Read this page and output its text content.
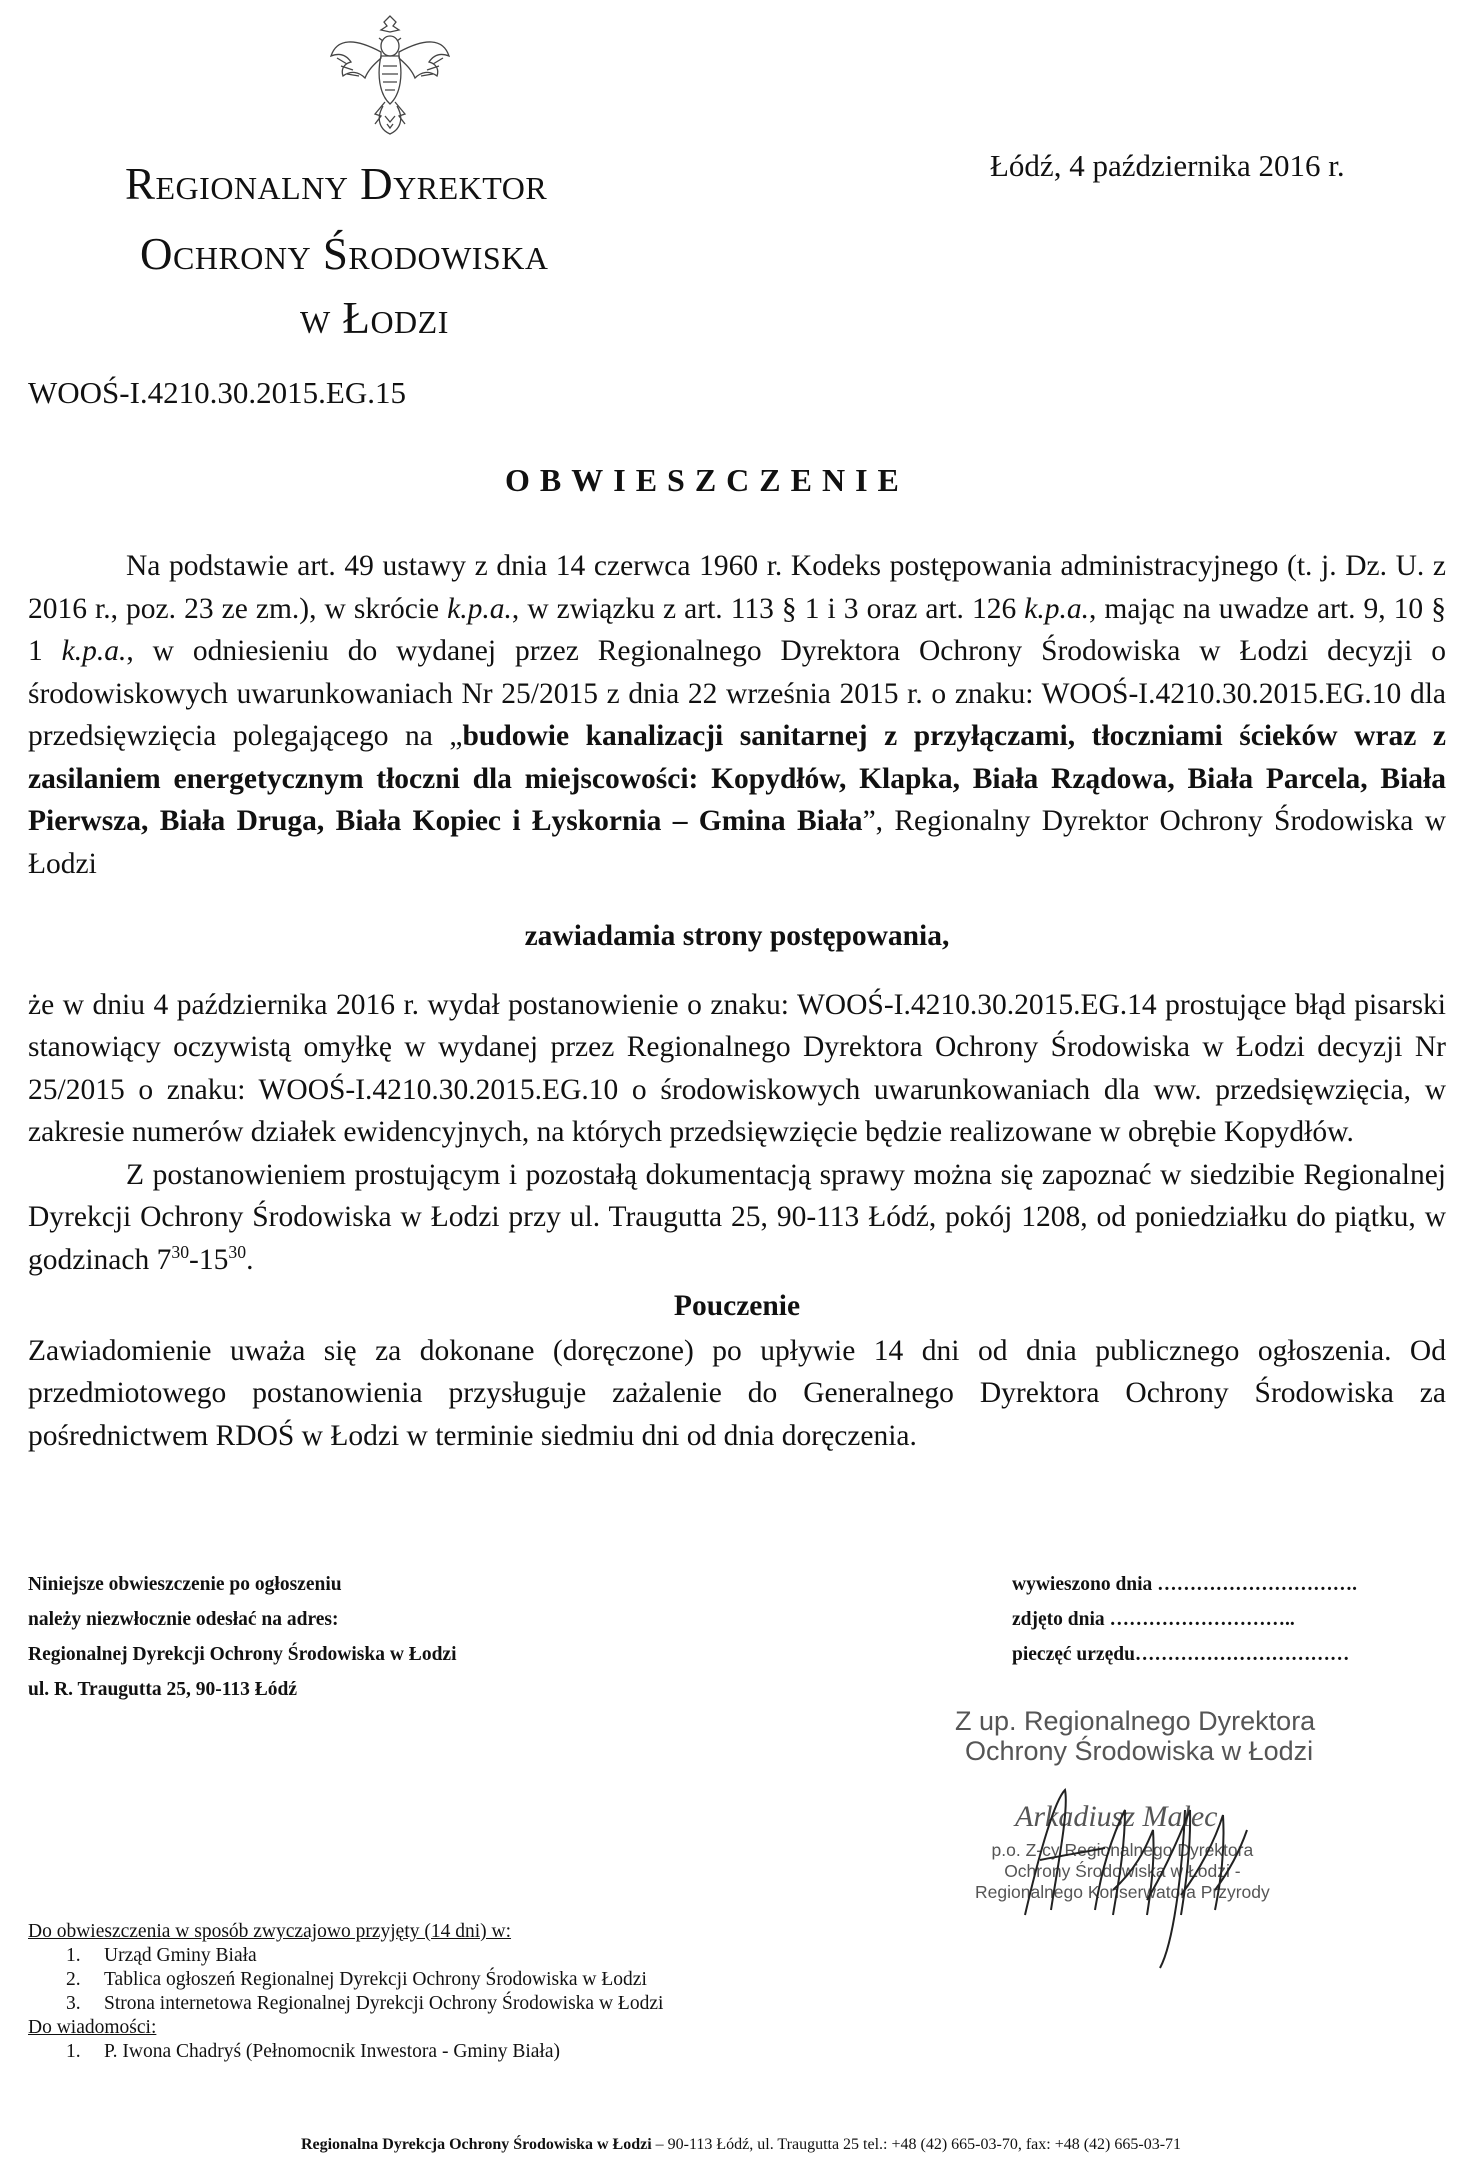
Regionalny Dyrektor
Ochrony Środowiska
w Łodzi
Łódź, 4 października 2016 r.
WOOŚ-I.4210.30.2015.EG.15
OBWIESZCZENIE

Na podstawie art. 49 ustawy z dnia 14 czerwca 1960 r. Kodeks postępowania administracyjnego (t. j. Dz. U. z 2016 r., poz. 23 ze zm.), w skrócie k.p.a., w związku z art. 113 § 1 i 3 oraz art. 126 k.p.a., mając na uwadze art. 9, 10 § 1 k.p.a., w odniesieniu do wydanej przez Regionalnego Dyrektora Ochrony Środowiska w Łodzi decyzji o środowiskowych uwarunkowaniach Nr 25/2015 z dnia 22 września 2015 r. o znaku: WOOŚ-I.4210.30.2015.EG.10 dla przedsięwzięcia polegającego na „budowie kanalizacji sanitarnej z przyłączami, tłoczniami ścieków wraz z zasilaniem energetycznym tłoczni dla miejscowości: Kopydłów, Klapka, Biała Rządowa, Biała Parcela, Biała Pierwsza, Biała Druga, Biała Kopiec i Łyskornia – Gmina Biała”, Regionalny Dyrektor Ochrony Środowiska w Łodzi

zawiadamia strony postępowania,

że w dniu 4 października 2016 r. wydał postanowienie o znaku: WOOŚ-I.4210.30.2015.EG.14 prostujące błąd pisarski stanowiący oczywistą omyłkę w wydanej przez Regionalnego Dyrektora Ochrony Środowiska w Łodzi decyzji Nr 25/2015 o znaku: WOOŚ-I.4210.30.2015.EG.10 o środowiskowych uwarunkowaniach dla ww. przedsięwzięcia, w zakresie numerów działek ewidencyjnych, na których przedsięwzięcie będzie realizowane w obrębie Kopydłów.

Z postanowieniem prostującym i pozostałą dokumentacją sprawy można się zapoznać w siedzibie Regionalnej Dyrekcji Ochrony Środowiska w Łodzi przy ul. Traugutta 25, 90-113 Łódź, pokój 1208, od poniedziałku do piątku, w godzinach $7^{30}-15^{30}$.

Pouczenie

Zawiadomienie uważa się za dokonane (doręczone) po upływie 14 dni od dnia publicznego ogłoszenia. Od przedmiotowego postanowienia przysługuje zażalenie do Generalnego Dyrektora Ochrony Środowiska za pośrednictwem RDOŚ w Łodzi w terminie siedmiu dni od dnia doręczenia.

Niniejsze obwieszczenie po ogłoszeniu
należy niezwłocznie odesłać na adres:
Regionalnej Dyrekcji Ochrony Środowiska w Łodzi
ul. R. Traugutta 25, 90-113 Łódź
wywieszono dnia ………………………….
zdjęto dnia ………………………..
pieczęć urzędu……………………………
Z up. Regionalnego Dyrektora
Ochrony Środowiska w Łodzi
Arkadiusz Malec
p.o. Z-cy Regionalnego Dyrektora
Ochrony Środowiska w Łodzi -
Regionalnego Konserwatora Przyrody
Do obwieszczenia w sposób zwyczajowo przyjęty (14 dni) w:
1.	Urząd Gminy Biała
2.	Tablica ogłoszeń Regionalnej Dyrekcji Ochrony Środowiska w Łodzi
3.	Strona internetowa Regionalnej Dyrekcji Ochrony Środowiska w Łodzi
Do wiadomości:
1.	P. Iwona Chadryś (Pełnomocnik Inwestora - Gminy Biała)
Regionalna Dyrekcja Ochrony Środowiska w Łodzi – 90-113 Łódź, ul. Traugutta 25 tel.: +48 (42) 665-03-70, fax: +48 (42) 665-03-71
